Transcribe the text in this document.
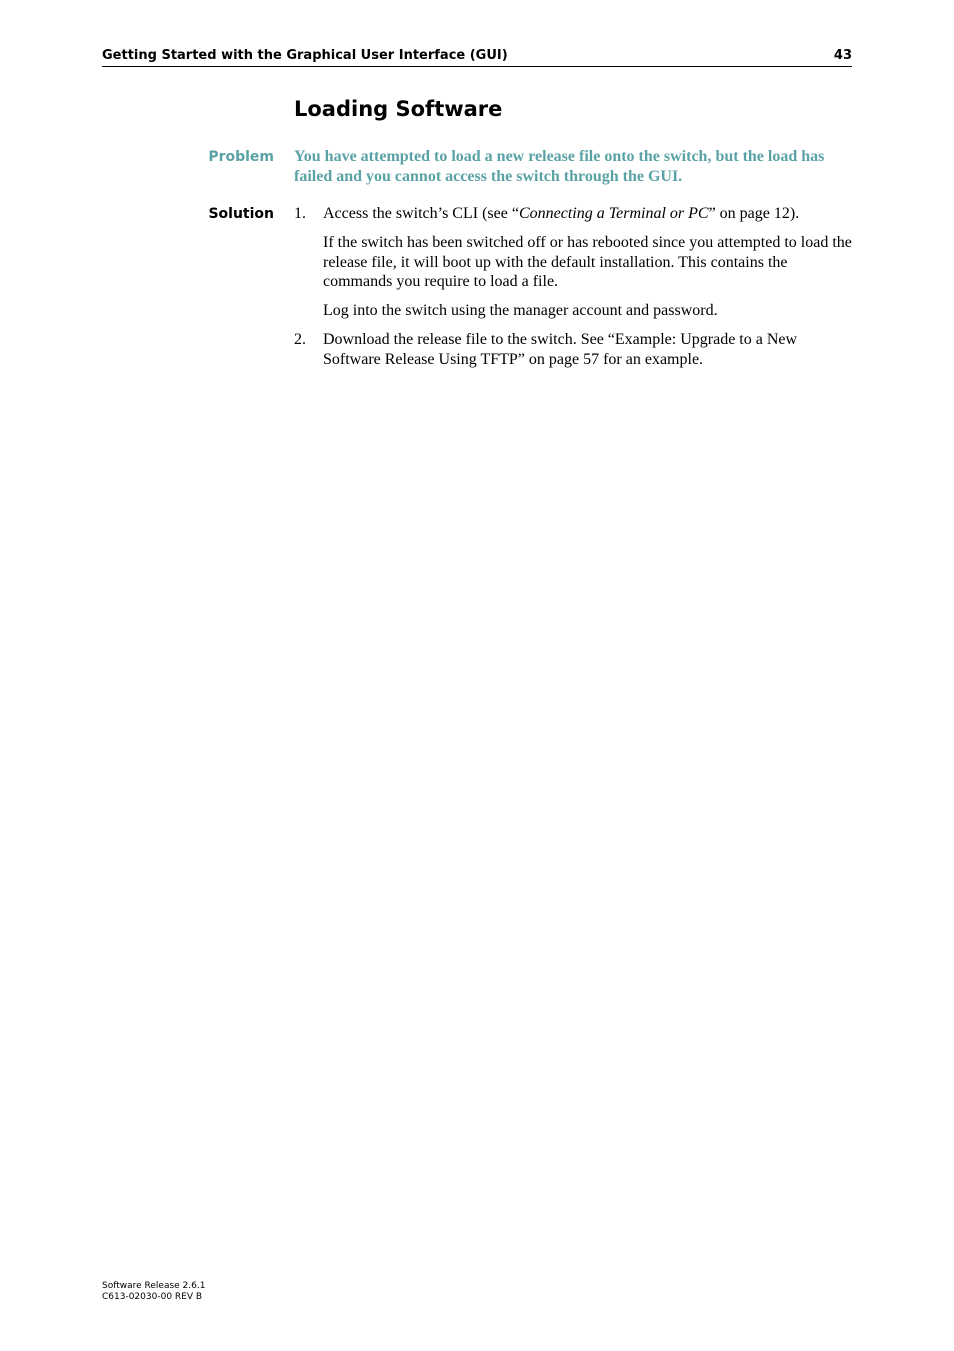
Getting Started with the Graphical User Interface (GUI)	43
Loading Software
Problem You have attempted to load a new release file onto the switch, but the load has failed and you cannot access the switch through the GUI.

Solution 1. Access the switch’s CLI (see “Connecting a Terminal or PC” on page 12).

If the switch has been switched off or has rebooted since you attempted to load the release file, it will boot up with the default installation. This contains the commands you require to load a file.

Log into the switch using the manager account and password.

2. Download the release file to the switch. See “Example: Upgrade to a New Software Release Using TFTP” on page 57 for an example.

Software Release 2.6.1
C613-02030-00 REV B
